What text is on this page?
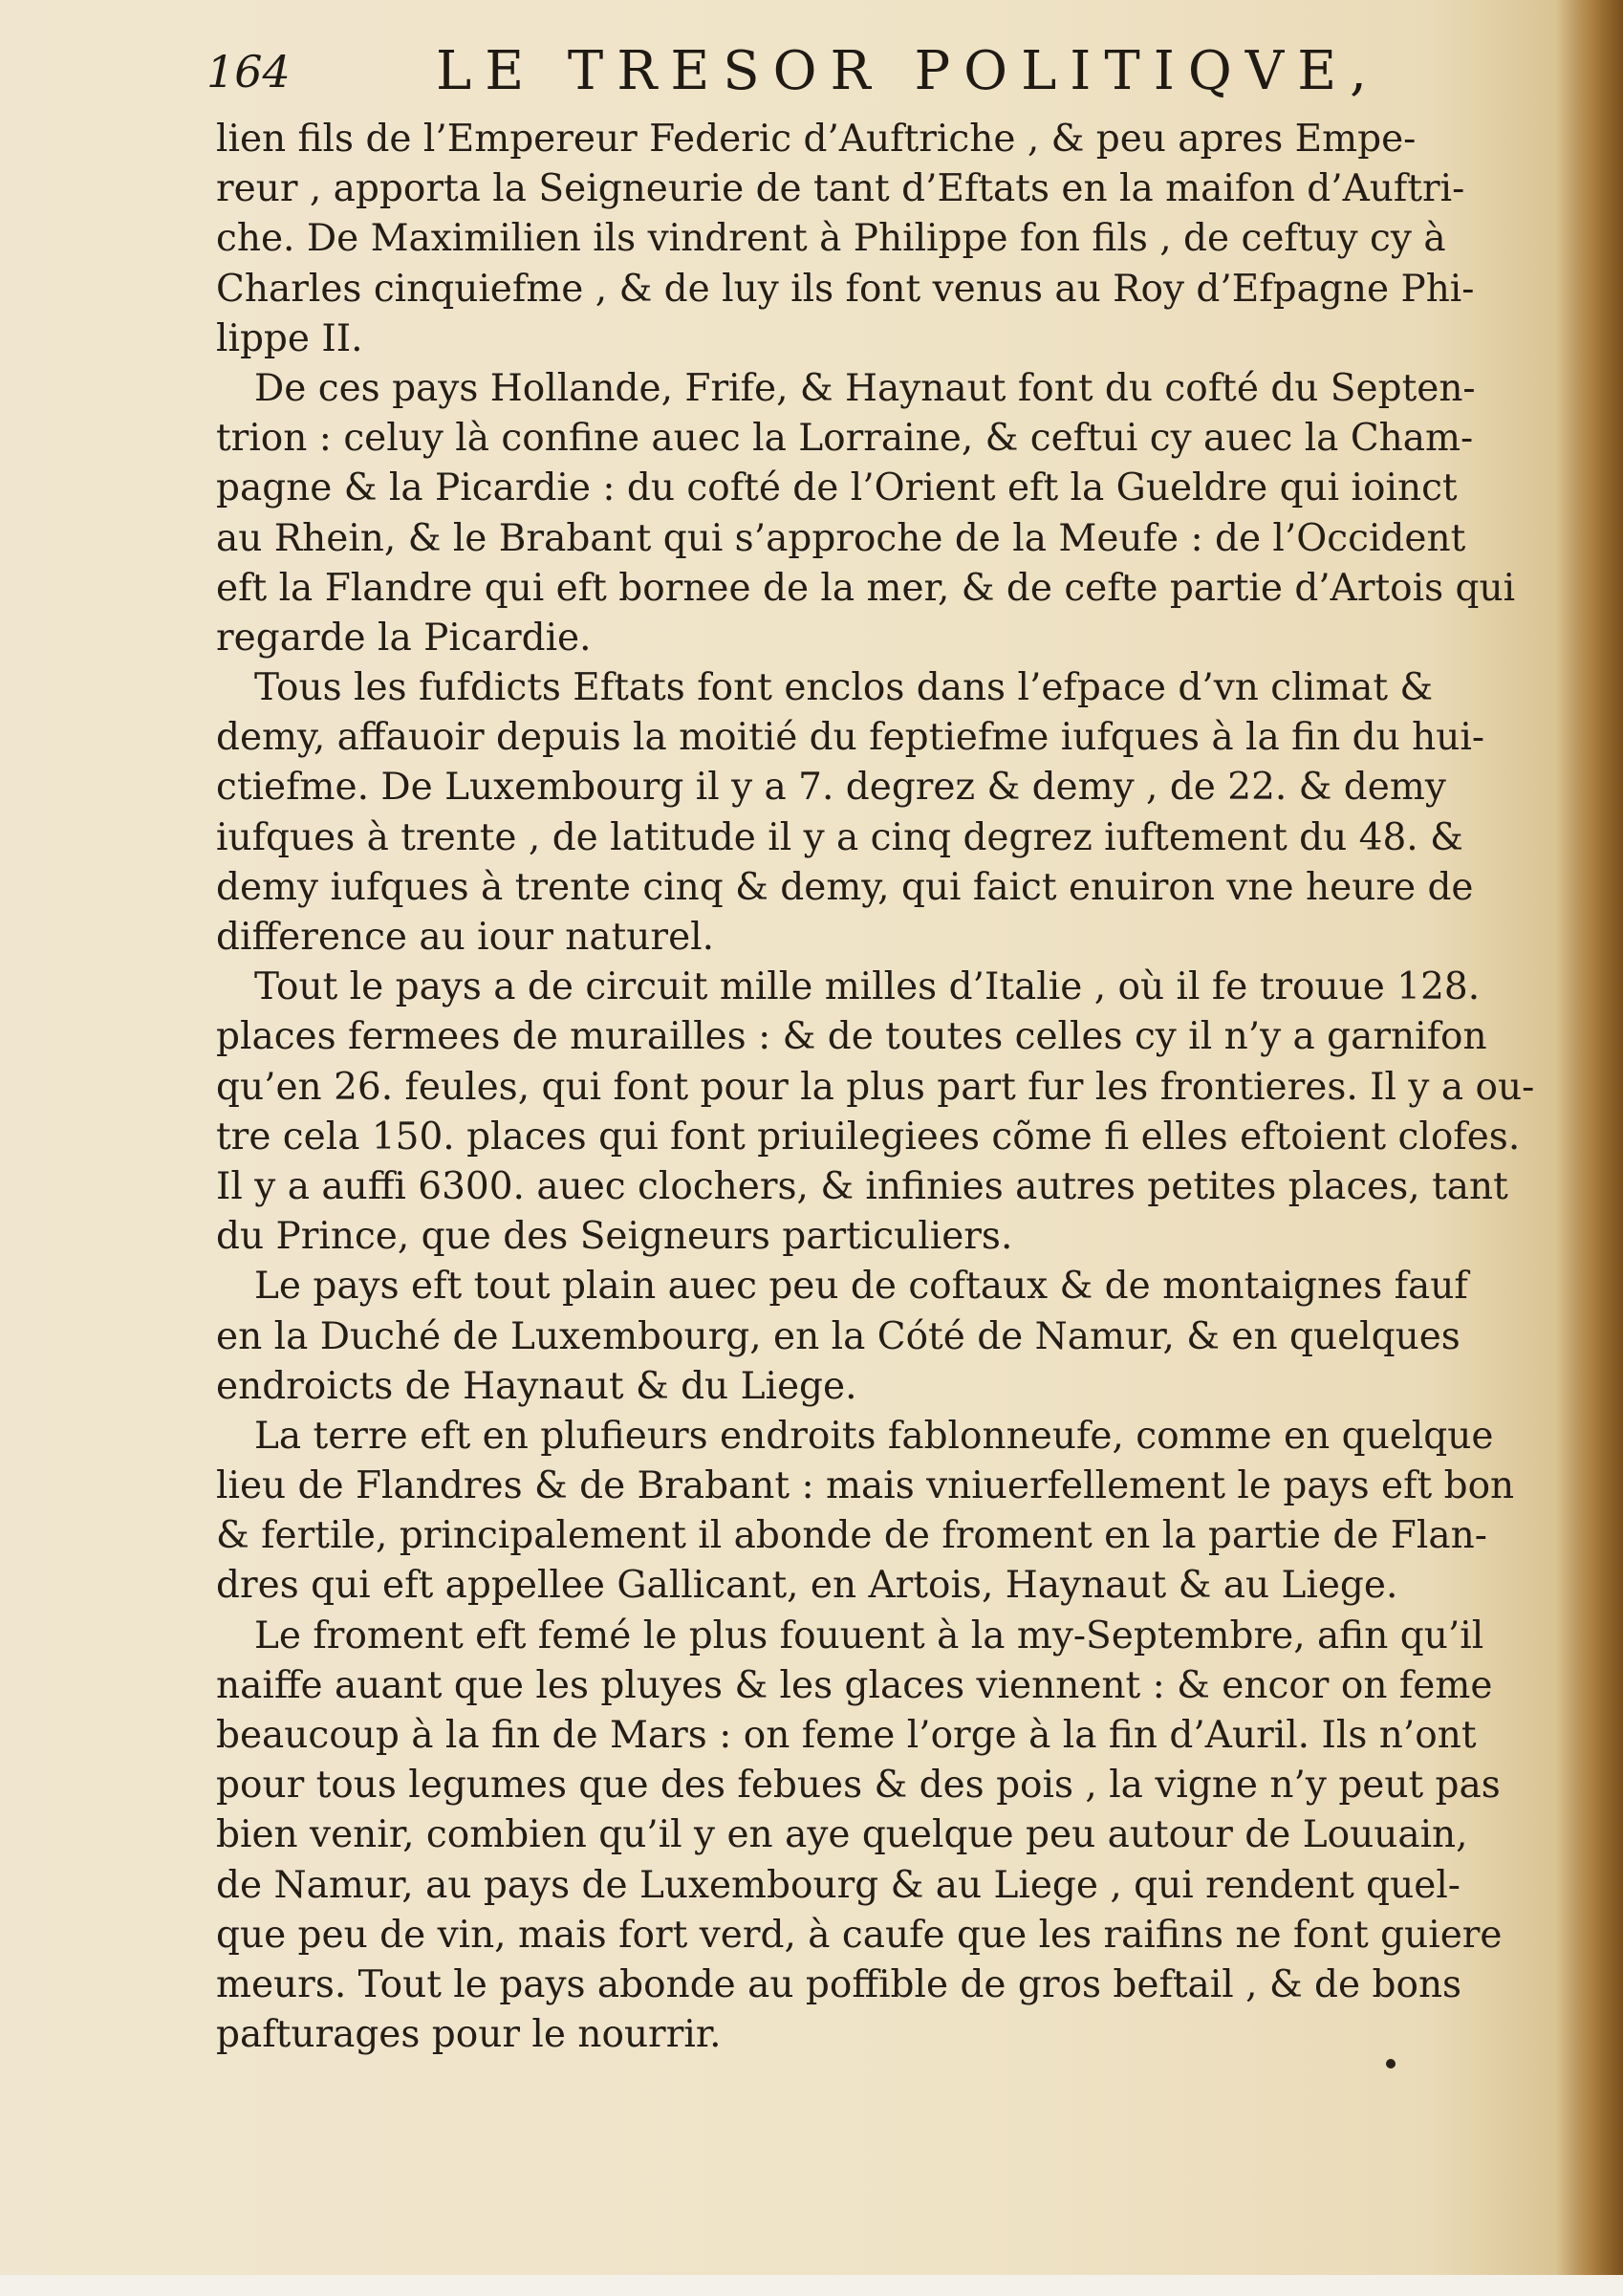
164	LE TRESOR POLITIQVE,
lien fils de l’Empereur Federic d’Auftriche , & peu apres Empe-
reur , apporta la Seigneurie de tant d’Eftats en la maifon d’Auftri-
che. De Maximilien ils vindrent à Philippe fon fils , de ceftuy cy à
Charles cinquiefme , & de luy ils font venus au Roy d’Efpagne Phi-
lippe II.
De ces pays Hollande, Frife, & Haynaut font du cofté du Septen-
trion : celuy là confine auec la Lorraine, & ceftui cy auec la Cham-
pagne & la Picardie : du cofté de l’Orient eft la Gueldre qui ioinct
au Rhein, & le Brabant qui s’approche de la Meufe : de l’Occident
eft la Flandre qui eft bornee de la mer, & de cefte partie d’Artois qui
regarde la Picardie.
Tous les fufdicts Eftats font enclos dans l’efpace d’vn climat &
demy, affauoir depuis la moitié du feptiefme iufques à la fin du hui-
ctiefme. De Luxembourg il y a 7. degrez & demy , de 22. & demy
iufques à trente , de latitude il y a cinq degrez iuftement du 48. &
demy iufques à trente cinq & demy, qui faict enuiron vne heure de
difference au iour naturel.
Tout le pays a de circuit mille milles d’Italie , où il fe trouue 128.
places fermees de murailles : & de toutes celles cy il n’y a garnifon
qu’en 26. feules, qui font pour la plus part fur les frontieres. Il y a ou-
tre cela 150. places qui font priuilegiees cõme fi elles eftoient clofes.
Il y a auffi 6300. auec clochers, & infinies autres petites places, tant
du Prince, que des Seigneurs particuliers.
Le pays eft tout plain auec peu de coftaux & de montaignes fauf
en la Duché de Luxembourg, en la Cóté de Namur, & en quelques
endroicts de Haynaut & du Liege.
La terre eft en plufieurs endroits fablonneufe, comme en quelque
lieu de Flandres & de Brabant : mais vniuerfellement le pays eft bon
& fertile, principalement il abonde de froment en la partie de Flan-
dres qui eft appellee Gallicant, en Artois, Haynaut & au Liege.
Le froment eft femé le plus fouuent à la my-Septembre, afin qu’il
naiffe auant que les pluyes & les glaces viennent : & encor on feme
beaucoup à la fin de Mars : on feme l’orge à la fin d’Auril. Ils n’ont
pour tous legumes que des febues & des pois , la vigne n’y peut pas
bien venir, combien qu’il y en aye quelque peu autour de Louuain,
de Namur, au pays de Luxembourg & au Liege , qui rendent quel-
que peu de vin, mais fort verd, à caufe que les raifins ne font guiere
meurs. Tout le pays abonde au poffible de gros beftail , & de bons
pafturages pour le nourrir.
